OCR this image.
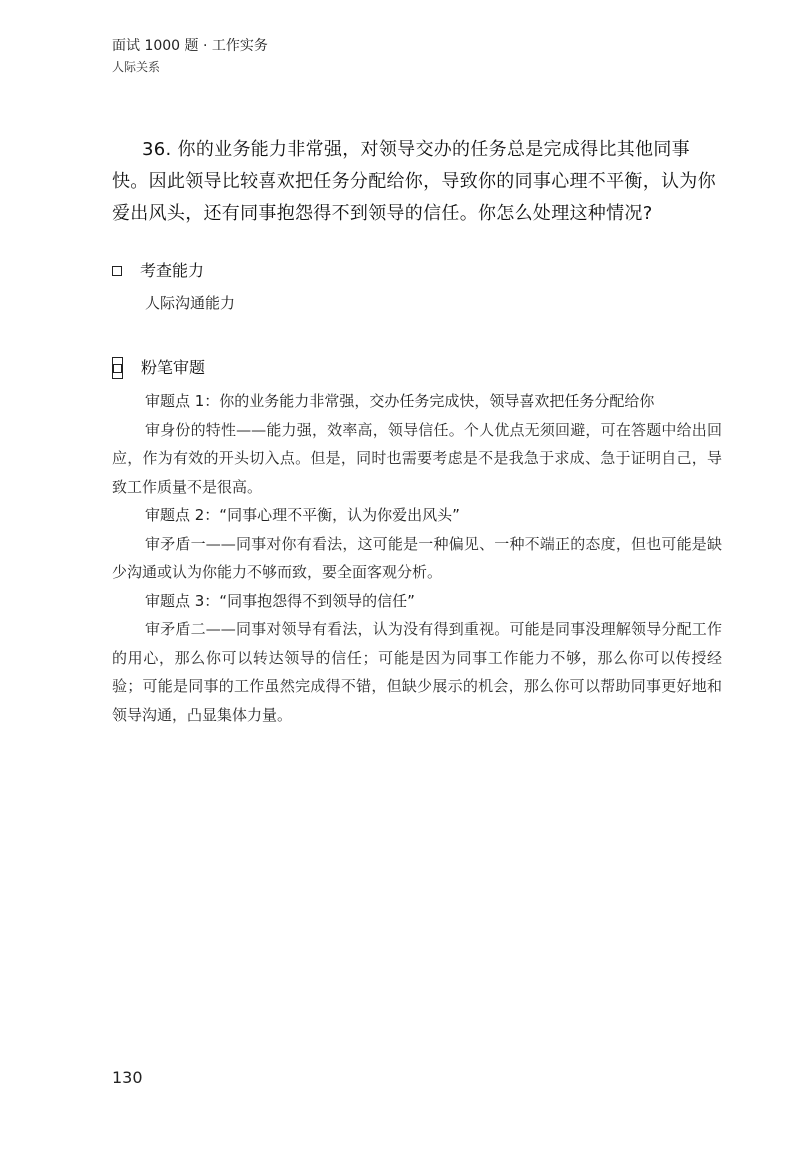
面试 1000 题 · 工作实务
人际关系

36. 你的业务能力非常强，对领导交办的任务总是完成得比其他同事快。因此领导比较喜欢把任务分配给你，导致你的同事心理不平衡，认为你爱出风头，还有同事抱怨得不到领导的信任。你怎么处理这种情况?

考查能力
人际沟通能力
粉笔审题

审题点 1：你的业务能力非常强，交办任务完成快，领导喜欢把任务分配给你

审身份的特性——能力强，效率高，领导信任。个人优点无须回避，可在答题中给出回应，作为有效的开头切入点。但是，同时也需要考虑是不是我急于求成、急于证明自己，导致工作质量不是很高。

审题点 2：“同事心理不平衡，认为你爱出风头”

审矛盾一——同事对你有看法，这可能是一种偏见、一种不端正的态度，但也可能是缺少沟通或认为你能力不够而致，要全面客观分析。

审题点 3：“同事抱怨得不到领导的信任”

审矛盾二——同事对领导有看法，认为没有得到重视。可能是同事没理解领导分配工作的用心，那么你可以转达领导的信任；可能是因为同事工作能力不够，那么你可以传授经验；可能是同事的工作虽然完成得不错，但缺少展示的机会，那么你可以帮助同事更好地和领导沟通，凸显集体力量。

130
